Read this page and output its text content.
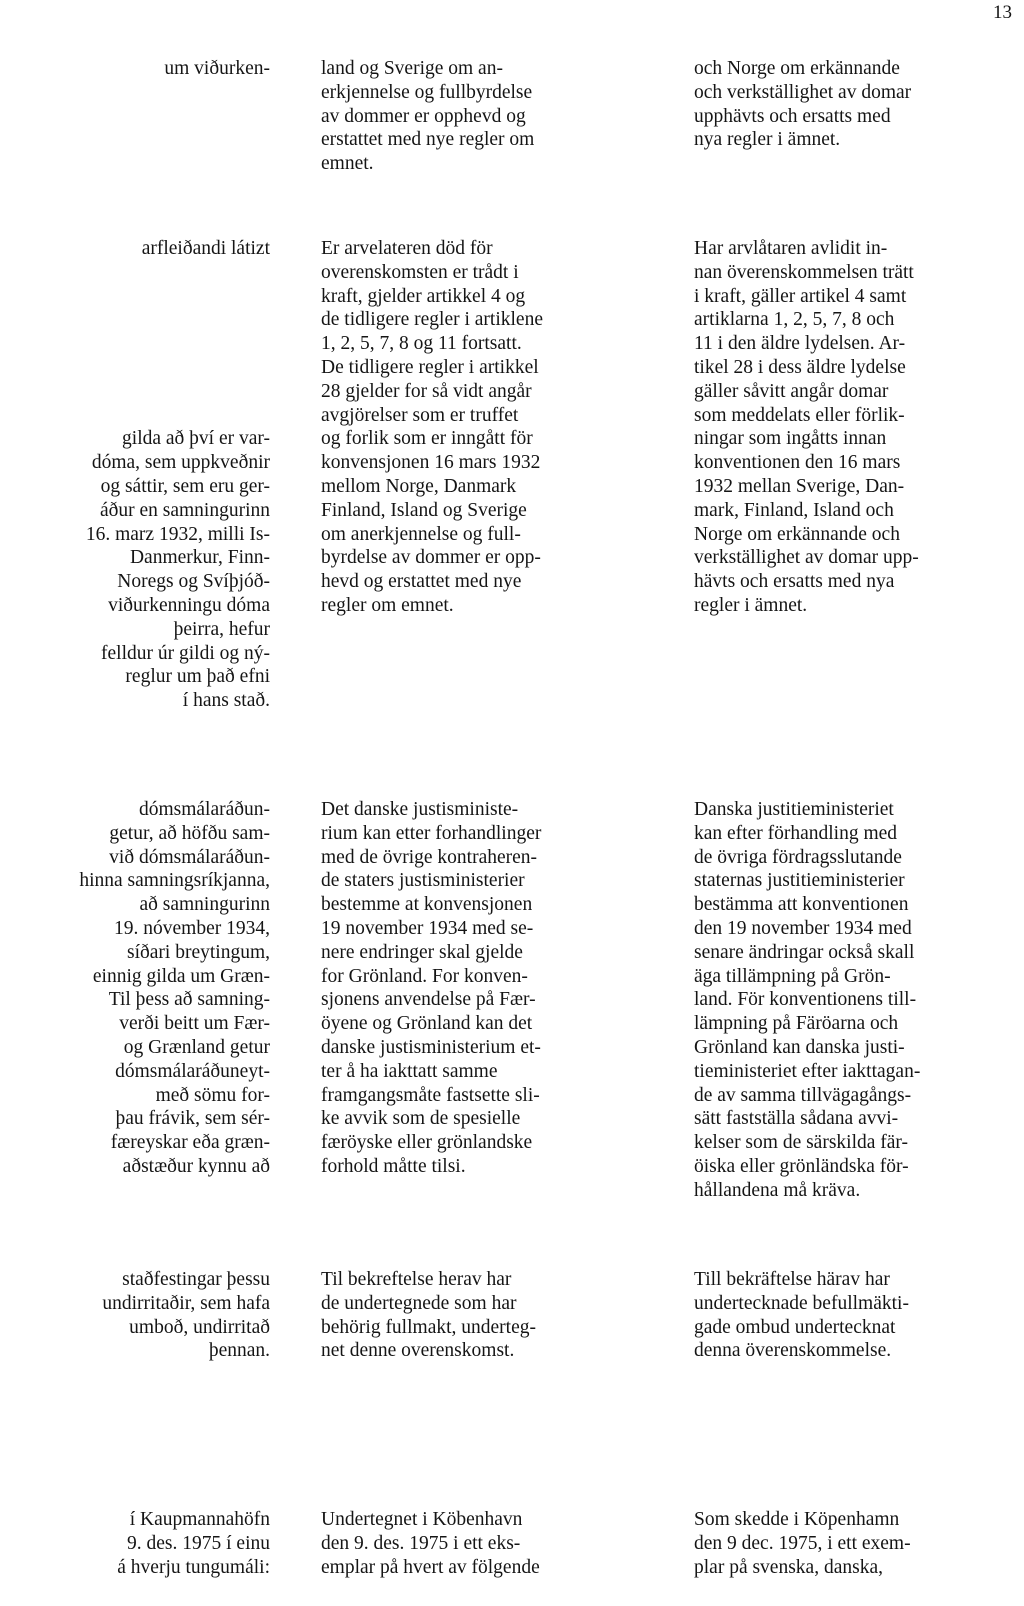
13
um viðurken-	land og Sverige om an-
erkjennelse og fullbyrdelse
av dommer er opphevd og
erstattet med nye regler om
emnet.
och Norge om erkännande
och verkställighet av domar
upphävts och ersatts med
nya regler i ämnet.
arfleiðandi látizt
gilda að því er var-
dóma, sem uppkveðnir
og sáttir, sem eru ger-
áður en samningurinn
16. marz 1932, milli Is-
Danmerkur, Finn-
Noregs og Svíþjóð-
viðurkenningu dóma
þeirra, hefur
felldur úr gildi og ný-
reglur um það efni
í hans stað.
Er arvelateren död för
overenskomsten er trådt i
kraft, gjelder artikkel 4 og
de tidligere regler i artiklene
1, 2, 5, 7, 8 og 11 fortsatt.
De tidligere regler i artikkel
28 gjelder for så vidt angår
avgjörelser som er truffet
og forlik som er inngått för
konvensjonen 16 mars 1932
mellom Norge, Danmark
Finland, Island og Sverige
om anerkjennelse og full-
byrdelse av dommer er opp-
hevd og erstattet med nye
regler om emnet.
Har arvlåtaren avlidit in-
nan överenskommelsen trätt
i kraft, gäller artikel 4 samt
artiklarna 1, 2, 5, 7, 8 och
11 i den äldre lydelsen. Ar-
tikel 28 i dess äldre lydelse
gäller såvitt angår domar
som meddelats eller förlik-
ningar som ingåtts innan
konventionen den 16 mars
1932 mellan Sverige, Dan-
mark, Finland, Island och
Norge om erkännande och
verkställighet av domar upp-
hävts och ersatts med nya
regler i ämnet.
dómsmálaráðun-
getur, að höfðu sam-
við dómsmálaráðun-
hinna samningsríkjanna,
að samningurinn
19. nóvember 1934,
síðari breytingum,
einnig gilda um Græn-
Til þess að samning-
verði beitt um Fær-
og Grænland getur
dómsmálaráðuneyt-
með sömu for-
þau frávik, sem sér-
færeyskar eða græn-
aðstæður kynnu að
Det danske justisministe-
rium kan etter forhandlinger
med de övrige kontraheren-
de staters justisministerier
bestemme at konvensjonen
19 november 1934 med se-
nere endringer skal gjelde
for Grönland. For konven-
sjonens anvendelse på Fær-
öyene og Grönland kan det
danske justisministerium et-
ter å ha iakttatt samme
framgangsmåte fastsette sli-
ke avvik som de spesielle
færöyske eller grönlandske
forhold måtte tilsi.
Danska justitieministeriet
kan efter förhandling med
de övriga fördragsslutande
staternas justitieministerier
bestämma att konventionen
den 19 november 1934 med
senare ändringar också skall
äga tillämpning på Grön-
land. För konventionens till-
lämpning på Färöarna och
Grönland kan danska justi-
tieministeriet efter iakttagan-
de av samma tillvägagångs-
sätt fastställa sådana avvi-
kelser som de särskilda fär-
öiska eller grönländska för-
hållandena må kräva.
staðfestingar þessu
undirritaðir, sem hafa
umboð, undirritað
þennan.
Til bekreftelse herav har
de undertegnede som har
behörig fullmakt, underteg-
net denne overenskomst.
Till bekräftelse härav har
undertecknade befullmäkti-
gade ombud undertecknat
denna överenskommelse.
í Kaupmannahöfn
9. des. 1975 í einu
á hverju tungumáli:
Undertegnet i Köbenhavn
den 9. des. 1975 i ett eks-
emplar på hvert av fölgende
Som skedde i Köpenhamn
den 9 dec. 1975, i ett exem-
plar på svenska, danska,
